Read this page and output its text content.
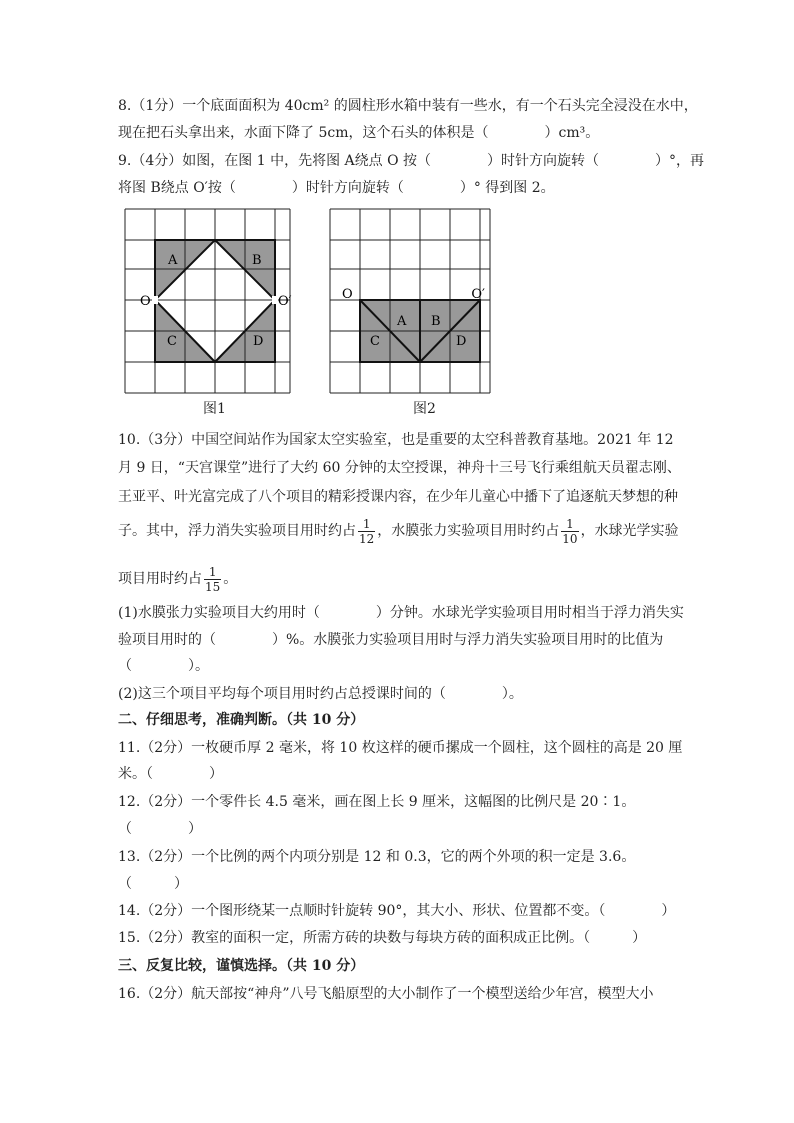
8.（1分）一个底面面积为 40cm² 的圆柱形水箱中装有一些水，有一个石头完全浸没在水中，
现在把石头拿出来，水面下降了 5cm，这个石头的体积是（　　　　）cm³。
9.（4分）如图，在图 1 中，先将图 A绕点 O 按（　　　　）时针方向旋转（　　　　）°，再
将图 B绕点 O′按（　　　　）时针方向旋转（　　　　）° 得到图 2。
A	B
C	D
O	O′
图1
A B
C	D
O	O′
图2
10.（3分）中国空间站作为国家太空实验室，也是重要的太空科普教育基地。2021 年 12
月 9 日，“天宫课堂”进行了大约 60 分钟的太空授课，神舟十三号飞行乘组航天员翟志刚、
王亚平、叶光富完成了八个项目的精彩授课内容，在少年儿童心中播下了追逐航天梦想的种
子。其中，浮力消失实验项目用时约占 $\frac{1}{12}$ ，水膜张力实验项目用时约占 $\frac{1}{10}$ ，水球光学实验
项目用时约占 $\frac{1}{15}$ 。
(1)水膜张力实验项目大约用时（　　　　）分钟。水球光学实验项目用时相当于浮力消失实
验项目用时的（　　　　）%。水膜张力实验项目用时与浮力消失实验项目用时的比值为
（　　　　）。
(2)这三个项目平均每个项目用时约占总授课时间的（　　　　）。
二、仔细思考，准确判断。（共 10 分）
11.（2分）一枚硬币厚 2 毫米，将 10 枚这样的硬币摞成一个圆柱，这个圆柱的高是 20 厘
米。（　　　　）
12.（2分）一个零件长 4.5 毫米，画在图上长 9 厘米，这幅图的比例尺是 20∶1。
（　　　　）
13.（2分）一个比例的两个内项分别是 12 和 0.3，它的两个外项的积一定是 3.6。
（　　　）
14.（2分）一个图形绕某一点顺时针旋转 90°，其大小、形状、位置都不变。（　　　　）
15.（2分）教室的面积一定，所需方砖的块数与每块方砖的面积成正比例。（　　　）
三、反复比较，谨慎选择。（共 10 分）
16.（2分）航天部按“神舟”八号飞船原型的大小制作了一个模型送给少年宫，模型大小
